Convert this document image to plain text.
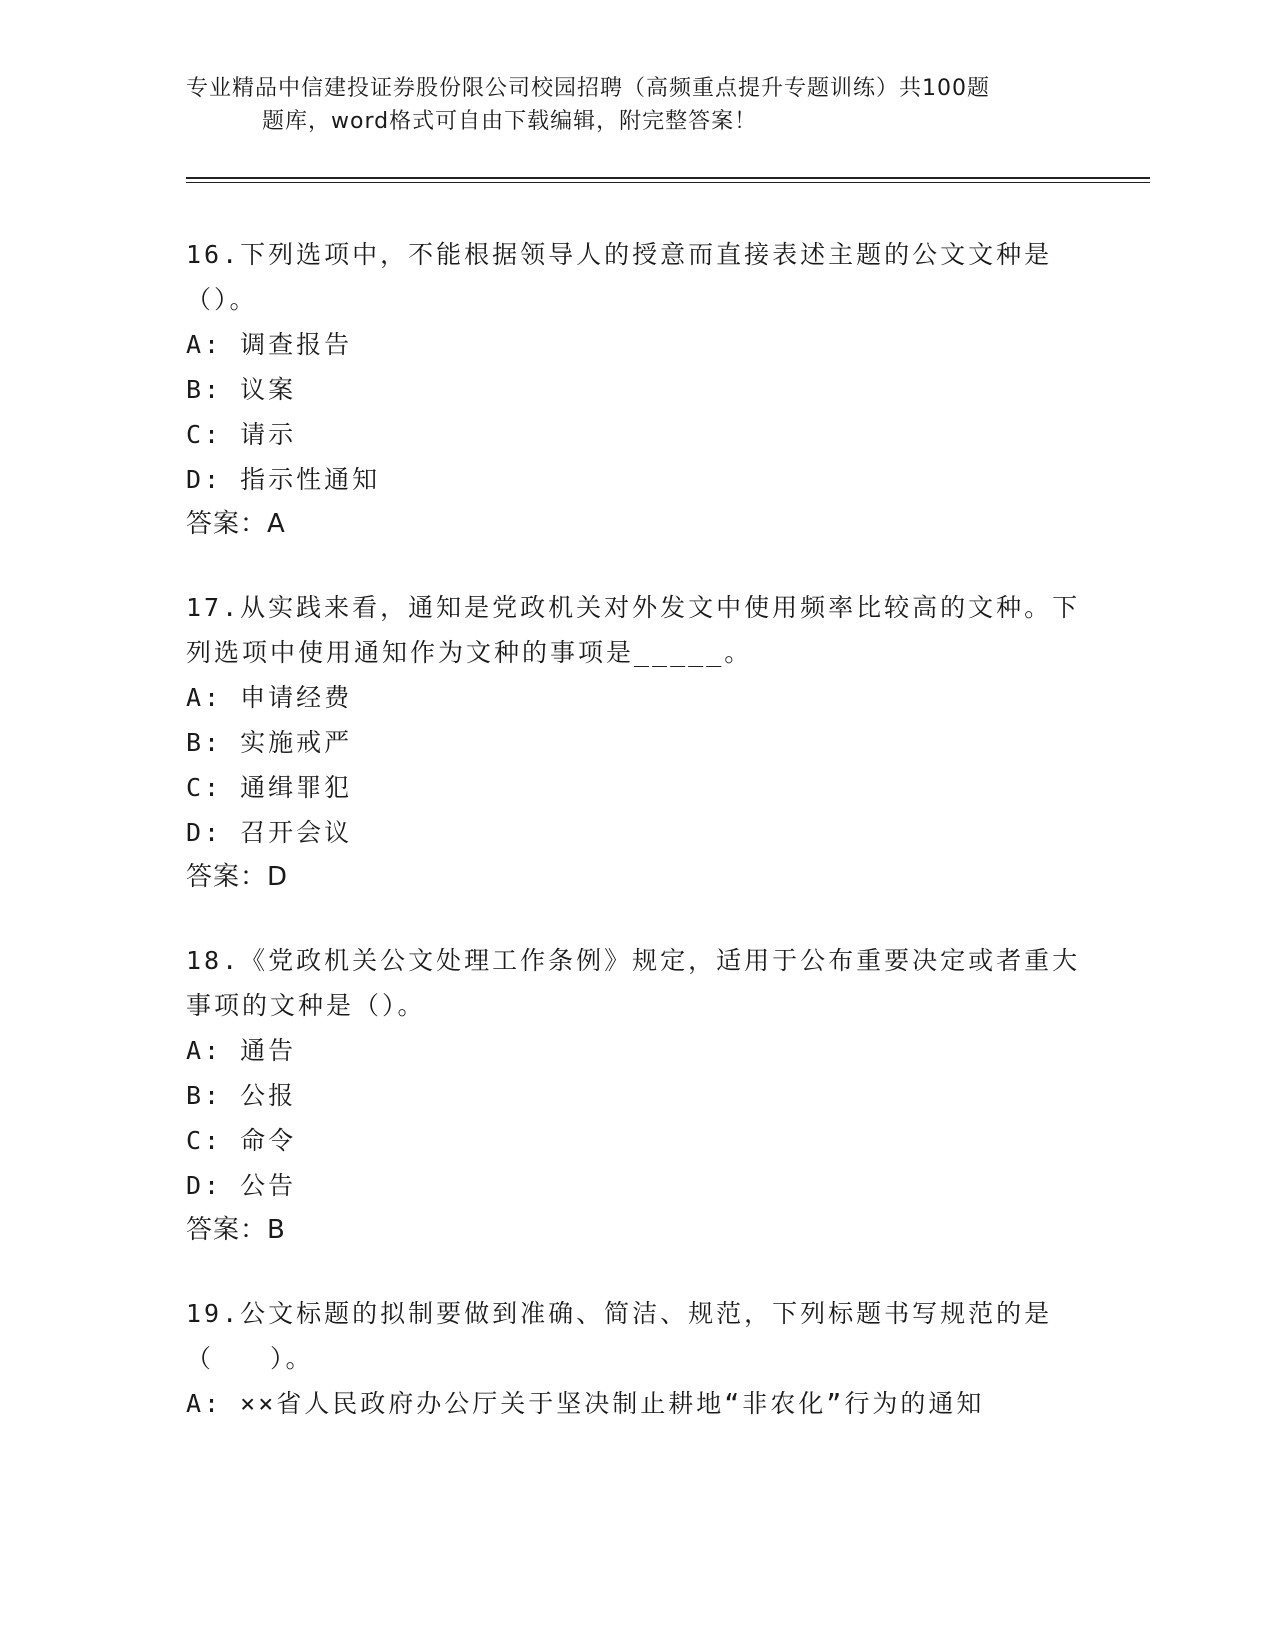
专业精品中信建投证券股份限公司校园招聘（高频重点提升专题训练）共100题
题库，word格式可自由下载编辑，附完整答案！
16.下列选项中，不能根据领导人的授意而直接表述主题的公文文种是（）。
A: 调查报告
B: 议案
C: 请示
D: 指示性通知
答案：A
17.从实践来看，通知是党政机关对外发文中使用频率比较高的文种。下列选项中使用通知作为文种的事项是_____。
A: 申请经费
B: 实施戒严
C: 通缉罪犯
D: 召开会议
答案：D
18.《党政机关公文处理工作条例》规定，适用于公布重要决定或者重大事项的文种是（）。
A: 通告
B: 公报
C: 命令
D: 公告
答案：B
19.公文标题的拟制要做到准确、简洁、规范，下列标题书写规范的是（　　）。
A: ××省人民政府办公厅关于坚决制止耕地“非农化”行为的通知
